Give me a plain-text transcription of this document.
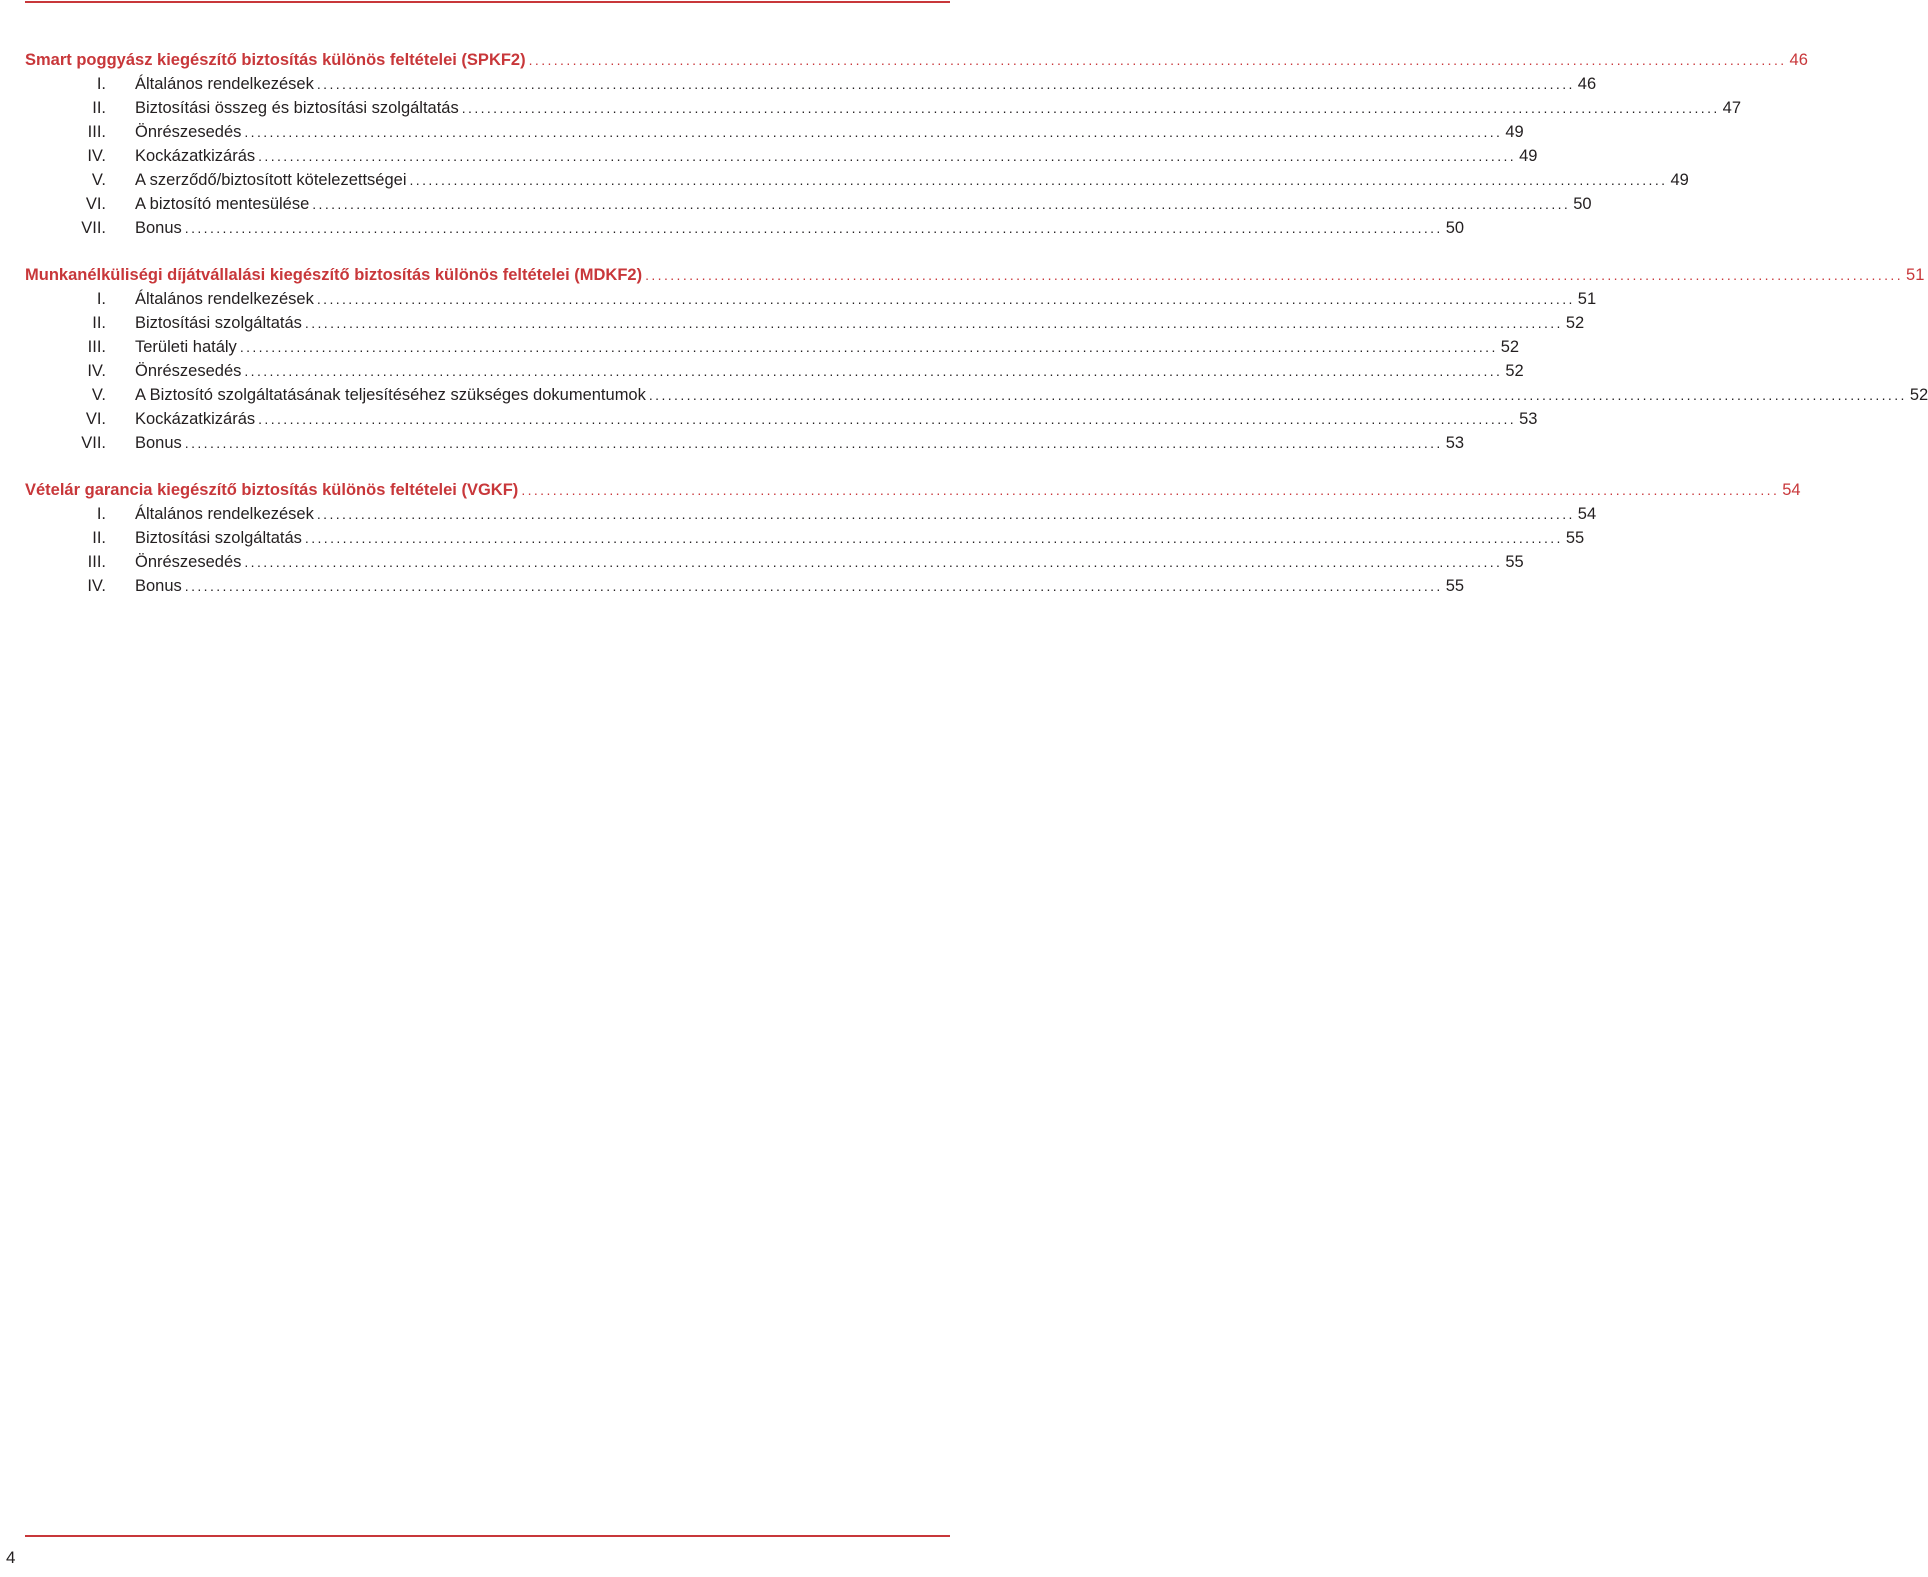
Smart poggyász kiegészítő biztosítás különös feltételei (SPKF2) ........................................................................................................................................................................................................ 46
I.	Általános rendelkezések ........................................................................................................................................................................................................ 46
II.	Biztosítási összeg és biztosítási szolgáltatás ........................................................................................................................................................................................................ 47
III.	Önrészesedés ........................................................................................................................................................................................................ 49
IV.	Kockázatkizárás ........................................................................................................................................................................................................ 49
V.	A szerződő/biztosított kötelezettségei ........................................................................................................................................................................................................ 49
VI.	A biztosító mentesülése ........................................................................................................................................................................................................ 50
VII.	Bonus ........................................................................................................................................................................................................ 50
Munkanélküliségi díjátvállalási kiegészítő biztosítás különös feltételei (MDKF2) ........................................................................................................................................................................................................ 51
I.	Általános rendelkezések ........................................................................................................................................................................................................ 51
II.	Biztosítási szolgáltatás ........................................................................................................................................................................................................ 52
III.	Területi hatály ........................................................................................................................................................................................................ 52
IV.	Önrészesedés ........................................................................................................................................................................................................ 52
V.	A Biztosító szolgáltatásának teljesítéséhez szükséges dokumentumok ........................................................................................................................................................................................................ 52
VI.	Kockázatkizárás ........................................................................................................................................................................................................ 53
VII.	Bonus ........................................................................................................................................................................................................ 53
Vételár garancia kiegészítő biztosítás különös feltételei (VGKF) ........................................................................................................................................................................................................ 54
I.	Általános rendelkezések ........................................................................................................................................................................................................ 54
II.	Biztosítási szolgáltatás ........................................................................................................................................................................................................ 55
III.	Önrészesedés ........................................................................................................................................................................................................ 55
IV.	Bonus ........................................................................................................................................................................................................ 55
4
